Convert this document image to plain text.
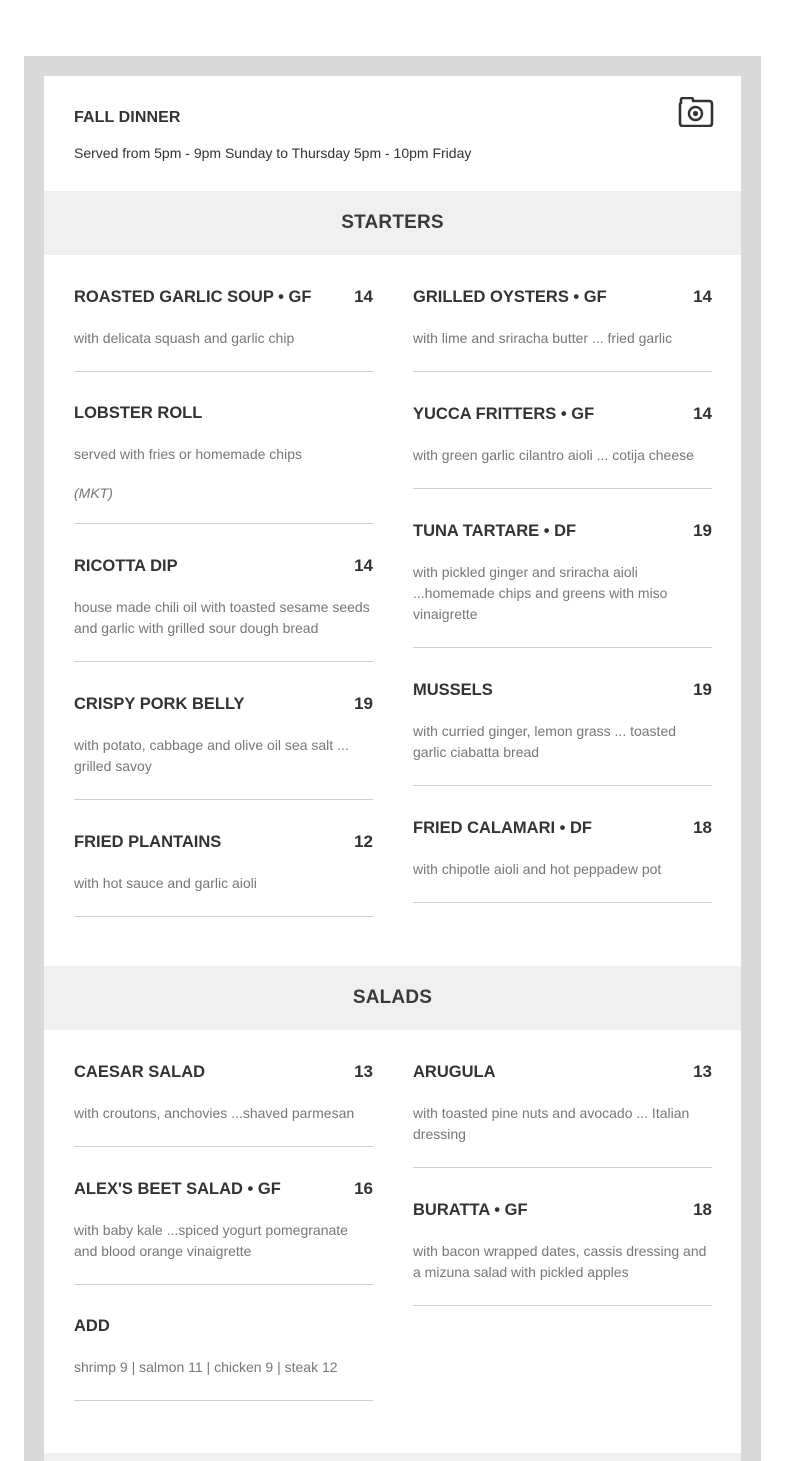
FALL DINNER
Served from 5pm - 9pm Sunday to Thursday 5pm - 10pm Friday
STARTERS
ROASTED GARLIC SOUP • GF	14
with delicata squash and garlic chip
LOBSTER ROLL
served with fries or homemade chips
(MKT)
RICOTTA DIP	14
house made chili oil with toasted sesame seeds and garlic with grilled sour dough bread
CRISPY PORK BELLY	19
with potato, cabbage and olive oil sea salt ... grilled savoy
FRIED PLANTAINS	12
with hot sauce and garlic aioli
GRILLED OYSTERS • GF	14
with lime and sriracha butter ... fried garlic
YUCCA FRITTERS • GF	14
with green garlic cilantro aioli ... cotija cheese
TUNA TARTARE • DF	19
with pickled ginger and sriracha aioli ...homemade chips and greens with miso vinaigrette
MUSSELS	19
with curried ginger, lemon grass ... toasted garlic ciabatta bread
FRIED CALAMARI • DF	18
with chipotle aioli and hot peppadew pot
SALADS
CAESAR SALAD	13
with croutons, anchovies ...shaved parmesan
ALEX'S BEET SALAD • GF	16
with baby kale ...spiced yogurt pomegranate and blood orange vinaigrette
ADD
shrimp 9 | salmon 11 | chicken 9 | steak 12
ARUGULA	13
with toasted pine nuts and avocado ... Italian dressing
BURATTA • GF	18
with bacon wrapped dates, cassis dressing and a mizuna salad with pickled apples
